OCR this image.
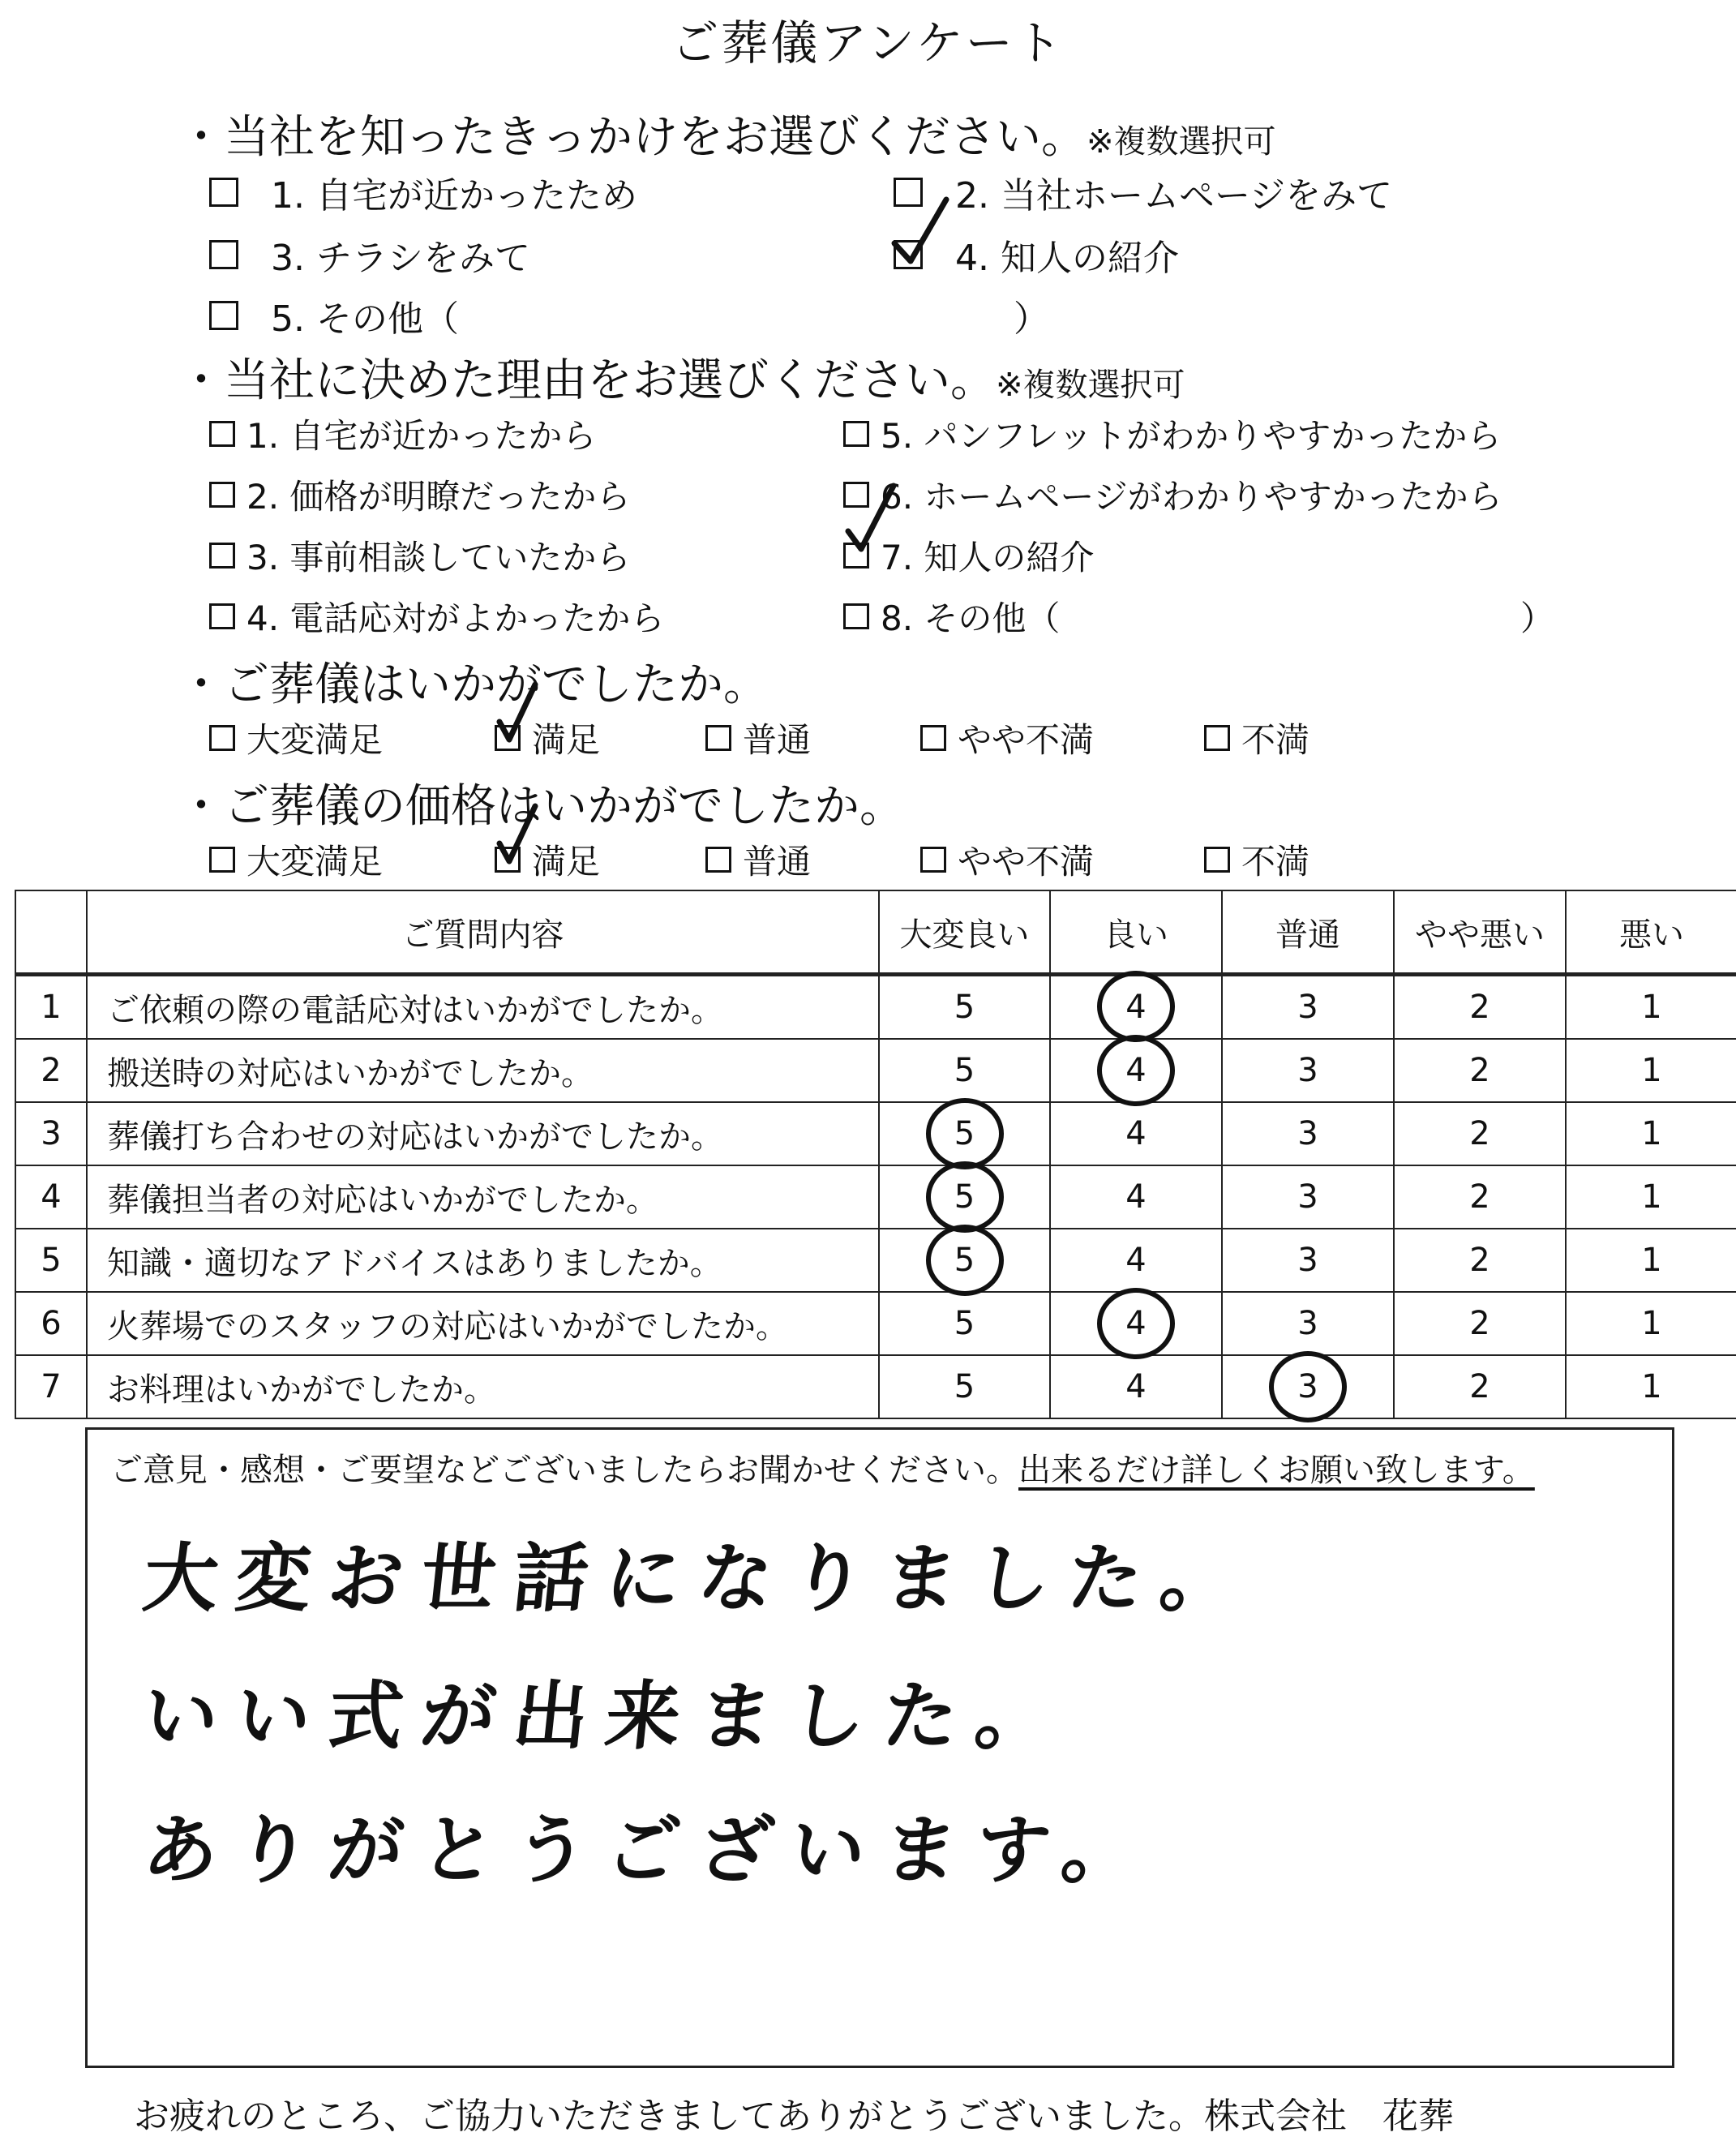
ご葬儀アンケート
・当社を知ったきっかけをお選びください。※複数選択可
1. 自宅が近かったため	2. 当社ホームページをみて
3. チラシをみて	4. 知人の紹介
5. その他（	）
・当社に決めた理由をお選びください。※複数選択可
1. 自宅が近かったから
2. 価格が明瞭だったから
3. 事前相談していたから
4. 電話応対がよかったから
5. パンフレットがわかりやすかったから
6. ホームページがわかりやすかったから
7. 知人の紹介
8. その他（	）
・ご葬儀はいかがでしたか。
大変満足	満足	普通	やや不満	不満
・ご葬儀の価格はいかがでしたか。
大変満足	満足	普通	やや不満	不満
	ご質問内容	大変良い	良い	普通	やや悪い	悪い
1	ご依頼の際の電話応対はいかがでしたか。	5	4	3	2	1
2	搬送時の対応はいかがでしたか。	5	4	3	2	1
3	葬儀打ち合わせの対応はいかがでしたか。	5	4	3	2	1
4	葬儀担当者の対応はいかがでしたか。	5	4	3	2	1
5	知識・適切なアドバイスはありましたか。	5	4	3	2	1
6	火葬場でのスタッフの対応はいかがでしたか。	5	4	3	2	1
7	お料理はいかがでしたか。	5	4	3	2	1
ご意見・感想・ご要望などございましたらお聞かせください。出来るだけ詳しくお願い致します。
大変お世話になりました。
いい式が出来ました。
ありがとうございます。
お疲れのところ、ご協力いただきましてありがとうございました。株式会社　花葬
